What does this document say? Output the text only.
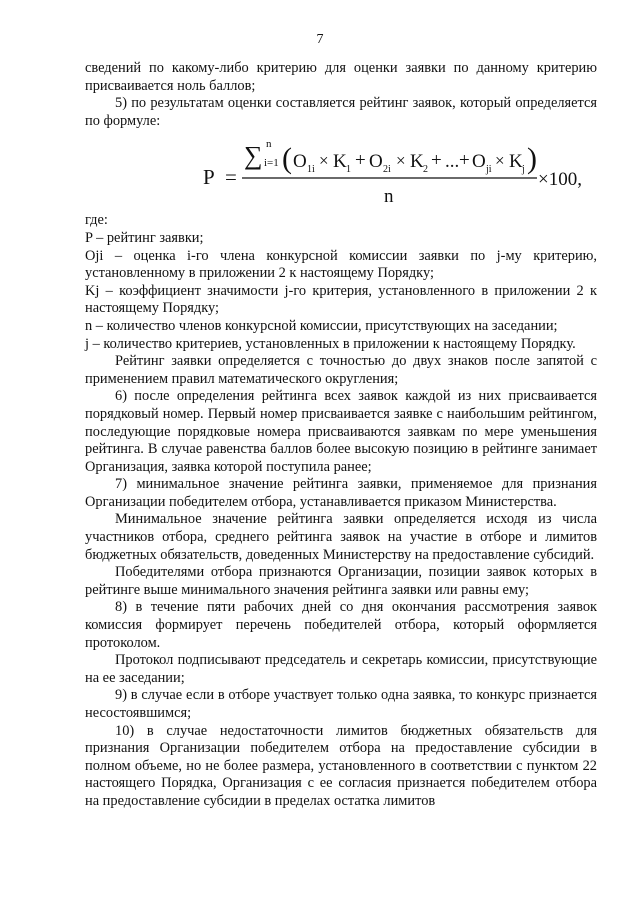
7

сведений по какому-либо критерию для оценки заявки по данному критерию присваивается ноль баллов;

5) по результатам оценки составляется рейтинг заявок, который определяется по формуле:

P =
∑ n
i=1 ( O 1i × K 1 + O 2i × K 2 + ... + O ji × K j )
n
×100,

где:

P – рейтинг заявки;

Oji – оценка i-го члена конкурсной комиссии заявки по j-му критерию, установленному в приложении 2 к настоящему Порядку;

Kj – коэффициент значимости j-го критерия, установленного в приложении 2 к настоящему Порядку;

n – количество членов конкурсной комиссии, присутствующих на заседании;

j – количество критериев, установленных в приложении к настоящему Порядку.

Рейтинг заявки определяется с точностью до двух знаков после запятой с применением правил математического округления;

6) после определения рейтинга всех заявок каждой из них присваивается порядковый номер. Первый номер присваивается заявке с наибольшим рейтингом, последующие порядковые номера присваиваются заявкам по мере уменьшения рейтинга. В случае равенства баллов более высокую позицию в рейтинге занимает Организация, заявка которой поступила ранее;

7) минимальное значение рейтинга заявки, применяемое для признания Организации победителем отбора, устанавливается приказом Министерства.

Минимальное значение рейтинга заявки определяется исходя из числа участников отбора, среднего рейтинга заявок на участие в отборе и лимитов бюджетных обязательств, доведенных Министерству на предоставление субсидий.

Победителями отбора признаются Организации, позиции заявок которых в рейтинге выше минимального значения рейтинга заявки или равны ему;

8) в течение пяти рабочих дней со дня окончания рассмотрения заявок комиссия формирует перечень победителей отбора, который оформляется протоколом.

Протокол подписывают председатель и секретарь комиссии, присутствующие на ее заседании;

9) в случае если в отборе участвует только одна заявка, то конкурс признается несостоявшимся;

10) в случае недостаточности лимитов бюджетных обязательств для признания Организации победителем отбора на предоставление субсидии в полном объеме, но не более размера, установленного в соответствии с пунктом 22 настоящего Порядка, Организация с ее согласия признается победителем отбора на предоставление субсидии в пределах остатка лимитов
